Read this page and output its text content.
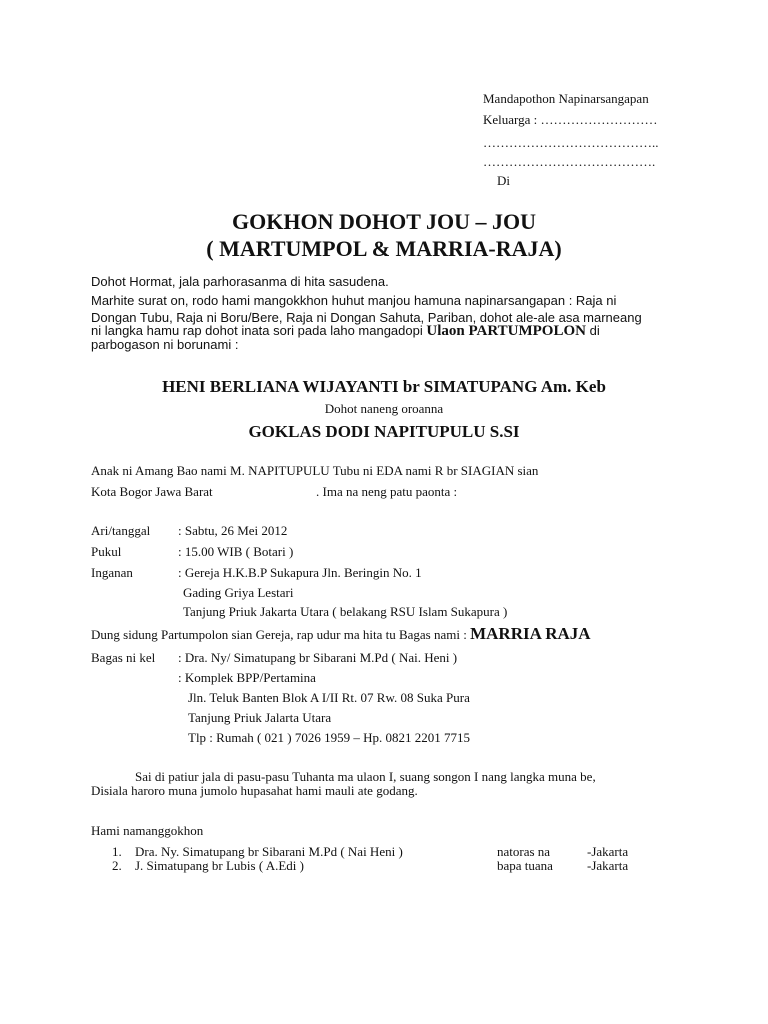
Mandapothon Napinarsangapan
Keluarga : ………………………
…………………………………..
………………………………….
Di
GOKHON DOHOT JOU – JOU
( MARTUMPOL & MARRIA-RAJA)
Dohot Hormat, jala parhorasanma di hita sasudena.
Marhite surat on, rodo hami mangokkhon huhut manjou hamuna napinarsangapan : Raja ni
Dongan Tubu, Raja ni Boru/Bere, Raja ni Dongan Sahuta, Pariban, dohot ale-ale asa marneang
ni langka hamu rap dohot inata sori pada laho mangadopi Ulaon PARTUMPOLON di
parbogason ni borunami :
HENI BERLIANA WIJAYANTI br SIMATUPANG Am. Keb
Dohot naneng oroanna
GOKLAS DODI NAPITUPULU S.SI
Anak ni Amang Bao nami M. NAPITUPULU Tubu ni EDA nami R br SIAGIAN sian
Kota Bogor Jawa Barat	. Ima na neng patu paonta :
Ari/tanggal : Sabtu, 26 Mei 2012
Pukul	: 15.00 WIB ( Botari )
Inganan	: Gereja H.K.B.P Sukapura Jln. Beringin No. 1
Gading Griya Lestari
Tanjung Priuk Jakarta Utara ( belakang RSU Islam Sukapura )
Dung sidung Partumpolon sian Gereja, rap udur ma hita tu Bagas nami : MARRIA RAJA
Bagas ni kel : Dra. Ny/ Simatupang br Sibarani M.Pd ( Nai. Heni )
: Komplek BPP/Pertamina
Jln. Teluk Banten Blok A I/II Rt. 07 Rw. 08 Suka Pura
Tanjung Priuk Jalarta Utara
Tlp : Rumah ( 021 ) 7026 1959 – Hp. 0821 2201 7715
Sai di patiur jala di pasu-pasu Tuhanta ma ulaon I, suang songon I nang langka muna be,
Disiala haroro muna jumolo hupasahat hami mauli ate godang.
Hami namanggokhon
1. Dra. Ny. Simatupang br Sibarani M.Pd ( Nai Heni )	natoras na	-Jakarta
2. J. Simatupang br Lubis ( A.Edi )	bapa tuana	-Jakarta
